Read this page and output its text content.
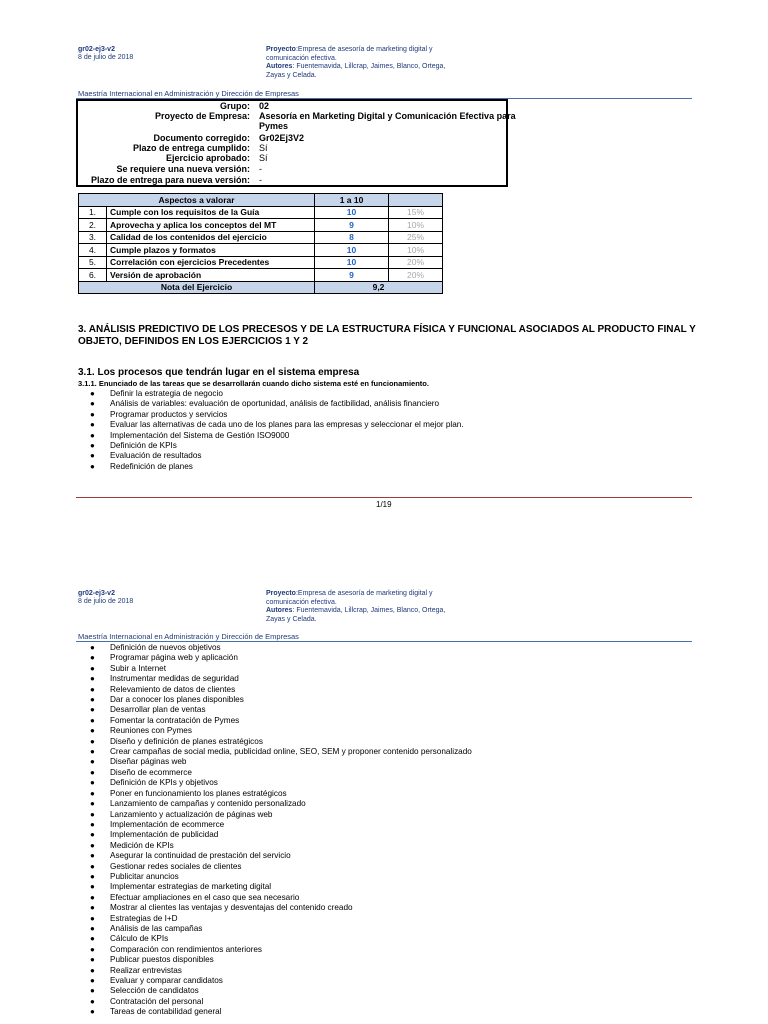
gr02-ej3-v2
8 de julio de 2018
Proyecto:Empresa de asesoría de marketing digital y comunicación efectiva.
Autores: Fuentemavida, Lillcrap, Jaimes, Blanco, Ortega, Zayas y Celada.
Maestría Internacional en Administración y Dirección de Empresas
Grupo: 02
Proyecto de Empresa: Asesoría en Marketing Digital y Comunicación Efectiva para Pymes
Documento corregido: Gr02Ej3V2
Plazo de entrega cumplido: Sí
Ejercicio aprobado: Sí
Se requiere una nueva versión: -
Plazo de entrega para nueva versión: -
Aspectos a valorar		1 a 10	
1.	Cumple con los requisitos de la Guía	10	15%
2.	Aprovecha y aplica los conceptos del MT	9	10%
3.	Calidad de los contenidos del ejercicio	8	25%
4.	Cumple plazos y formatos	10	10%
5.	Correlación con ejercicios Precedentes	10	20%
6.	Versión de aprobación	9	20%
Nota del Ejercicio		9,2	
3. ANÁLISIS PREDICTIVO DE LOS PRECESOS Y DE LA ESTRUCTURA FÍSICA Y FUNCIONAL ASOCIADOS AL PRODUCTO FINAL Y OBJETO, DEFINIDOS EN LOS EJERCICIOS 1 Y 2
3.1. Los procesos que tendrán lugar en el sistema empresa
3.1.1. Enunciado de las tareas que se desarrollarán cuando dicho sistema esté en funcionamiento.
● Definir la estrategia de negocio
● Análisis de variables: evaluación de oportunidad, análisis de factibilidad, análisis financiero
● Programar productos y servicios
● Evaluar las alternativas de cada uno de los planes para las empresas y seleccionar el mejor plan.
● Implementación del Sistema de Gestión ISO9000
● Definición de KPIs
● Evaluación de resultados
● Redefinición de planes
1/19
gr02-ej3-v2
8 de julio de 2018
Proyecto:Empresa de asesoría de marketing digital y comunicación efectiva.
Autores: Fuentemavida, Lillcrap, Jaimes, Blanco, Ortega, Zayas y Celada.
Maestría Internacional en Administración y Dirección de Empresas
● Definición de nuevos objetivos
● Programar página web y aplicación
● Subir a Internet
● Instrumentar medidas de seguridad
● Relevamiento de datos de clientes
● Dar a conocer los planes disponibles
● Desarrollar plan de ventas
● Fomentar la contratación de Pymes
● Reuniones con Pymes
● Diseño y definición de planes estratégicos
● Crear campañas de social media, publicidad online, SEO, SEM y proponer contenido personalizado
● Diseñar páginas web
● Diseño de ecommerce
● Definición de KPIs y objetivos
● Poner en funcionamiento los planes estratégicos
● Lanzamiento de campañas y contenido personalizado
● Lanzamiento y actualización de páginas web
● Implementación de ecommerce
● Implementación de publicidad
● Medición de KPIs
● Asegurar la continuidad de prestación del servicio
● Gestionar redes sociales de clientes
● Publicitar anuncios
● Implementar estrategias de marketing digital
● Efectuar ampliaciones en el caso que sea necesario
● Mostrar al clientes las ventajas y desventajas del contenido creado
● Estrategias de I+D
● Análisis de las campañas
● Cálculo de KPIs
● Comparación con rendimientos anteriores
● Publicar puestos disponibles
● Realizar entrevistas
● Evaluar y comparar candidatos
● Selección de candidatos
● Contratación del personal
● Tareas de contabilidad general
